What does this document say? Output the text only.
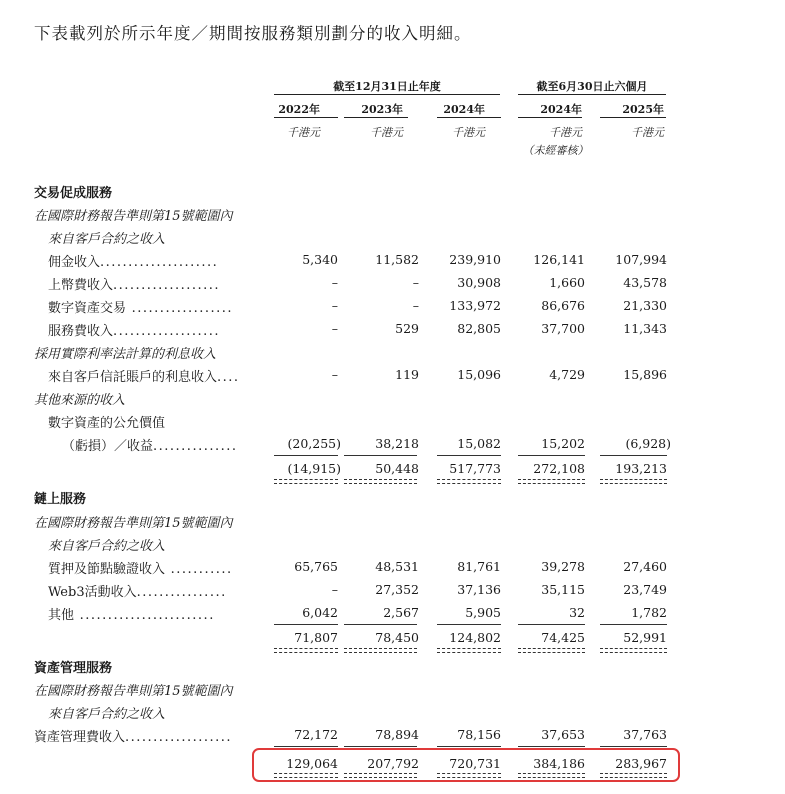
下表載列於所示年度／期間按服務類別劃分的收入明細。
截至12月31日止年度	截至6月30日止六個月
2022年	2023年	2024年	2024年	2025年
千港元	千港元	千港元	千港元	千港元
（未經審核）
交易促成服務
在國際財務報告準則第15號範圍內
來自客戶合約之收入
佣金收入.....................	5,340	11,582 239,910	126,141 107,994
上幣費收入...................	–	–	30,908	1,660	43,578
數字資產交易 ..................	–	– 133,972	86,676	21,330
服務費收入...................	–	529	82,805	37,700	11,343
採用實際利率法計算的利息收入
來自客戶信託賬戶的利息收入....	–	119	15,096	4,729	15,896
其他來源的收入
數字資產的公允價值
（虧損）／收益...............	(20,255)	38,218	15,082	15,202	(6,928)
(14,915)	50,448 517,773	272,108 193,213
鏈上服務
在國際財務報告準則第15號範圍內
來自客戶合約之收入
質押及節點驗證收入 ...........	65,765	48,531	81,761	39,278	27,460
Web3活動收入................	–	27,352	37,136	35,115	23,749
其他 ........................	6,042	2,567	5,905	32	1,782
71,807	78,450 124,802	74,425	52,991
資產管理服務
在國際財務報告準則第15號範圍內
來自客戶合約之收入
資產管理費收入...................	72,172	78,894	78,156	37,653	37,763
129,064 207,792 720,731	384,186 283,967
